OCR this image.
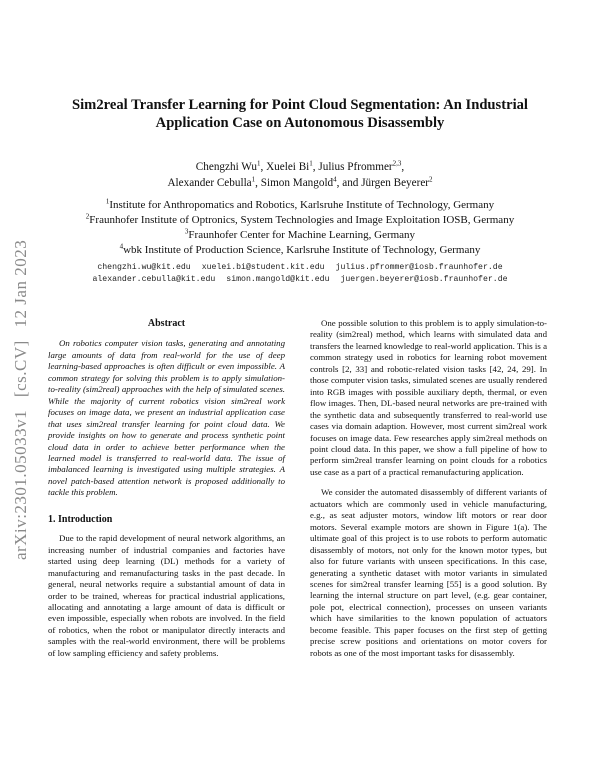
arXiv:2301.05033v1 [cs.CV] 12 Jan 2023
Sim2real Transfer Learning for Point Cloud Segmentation: An Industrial
Application Case on Autonomous Disassembly
Chengzhi Wu$^1$, Xuelei Bi$^1$, Julius Pfrommer$^{2,3}$,
Alexander Cebulla$^1$, Simon Mangold$^4$, and Jürgen Beyerer$^2$
$^1$Institute for Anthropomatics and Robotics, Karlsruhe Institute of Technology, Germany
$^2$Fraunhofer Institute of Optronics, System Technologies and Image Exploitation IOSB, Germany
$^3$Fraunhofer Center for Machine Learning, Germany
$^4$wbk Institute of Production Science, Karlsruhe Institute of Technology, Germany
chengzhi.wu@kit.edu xuelei.bi@student.kit.edu julius.pfrommer@iosb.fraunhofer.de
alexander.cebulla@kit.edu simon.mangold@kit.edu juergen.beyerer@iosb.fraunhofer.de
Abstract
On robotics computer vision tasks, generating and annotating large amounts of data from real-world for the use of deep learning-based approaches is often difficult or even impossible. A common strategy for solving this problem is to apply simulation-to-reality (sim2real) approaches with the help of simulated scenes. While the majority of current robotics vision sim2real work focuses on image data, we present an industrial application case that uses sim2real transfer learning for point cloud data. We provide insights on how to generate and process synthetic point cloud data in order to achieve better performance when the learned model is transferred to real-world data. The issue of imbalanced learning is investigated using multiple strategies. A novel patch-based attention network is proposed additionally to tackle this problem.
1. Introduction

Due to the rapid development of neural network algorithms, an increasing number of industrial companies and factories have started using deep learning (DL) methods for a variety of manufacturing and remanufacturing tasks in the past decade. In general, neural networks require a substantial amount of data in order to be trained, whereas for practical industrial applications, allocating and annotating a large amount of data is difficult or even impossible, especially when robots are involved. In the field of robotics, when the robot or manipulator directly interacts and samples with the real-world environment, there will be problems of low sampling efficiency and safety problems.

One possible solution to this problem is to apply simulation-to-reality (sim2real) method, which learns with simulated data and transfers the learned knowledge to real-world application. This is a common strategy used in robotics for learning robot movement controls [2, 33] and robotic-related vision tasks [42, 24, 29]. In those computer vision tasks, simulated scenes are usually rendered into RGB images with possible auxiliary depth, thermal, or even flow images. Then, DL-based neural networks are pre-trained with the synthetic data and subsequently transferred to real-world use cases via domain adaption. However, most current sim2real work focuses on image data. Few researches apply sim2real methods on point cloud data. In this paper, we show a full pipeline of how to perform sim2real transfer learning on point clouds for a robotics use case as a part of a practical remanufacturing application.

We consider the automated disassembly of different variants of actuators which are commonly used in vehicle manufacturing, e.g., as seat adjuster motors, window lift motors or rear door motors. Several example motors are shown in Figure 1(a). The ultimate goal of this project is to use robots to perform automatic disassembly of motors, not only for the known motor types, but also for future variants with unseen specifications. In this case, generating a synthetic dataset with motor variants in simulated scenes for sim2real transfer learning [55] is a good solution. By learning the internal structure on part level, (e.g. gear container, pole pot, electrical connection), processes on unseen variants which have similarities to the known population of actuators become feasible. This paper focuses on the first step of getting precise screw positions and orientations on motor covers for robots as one of the most important tasks for disassembly.
